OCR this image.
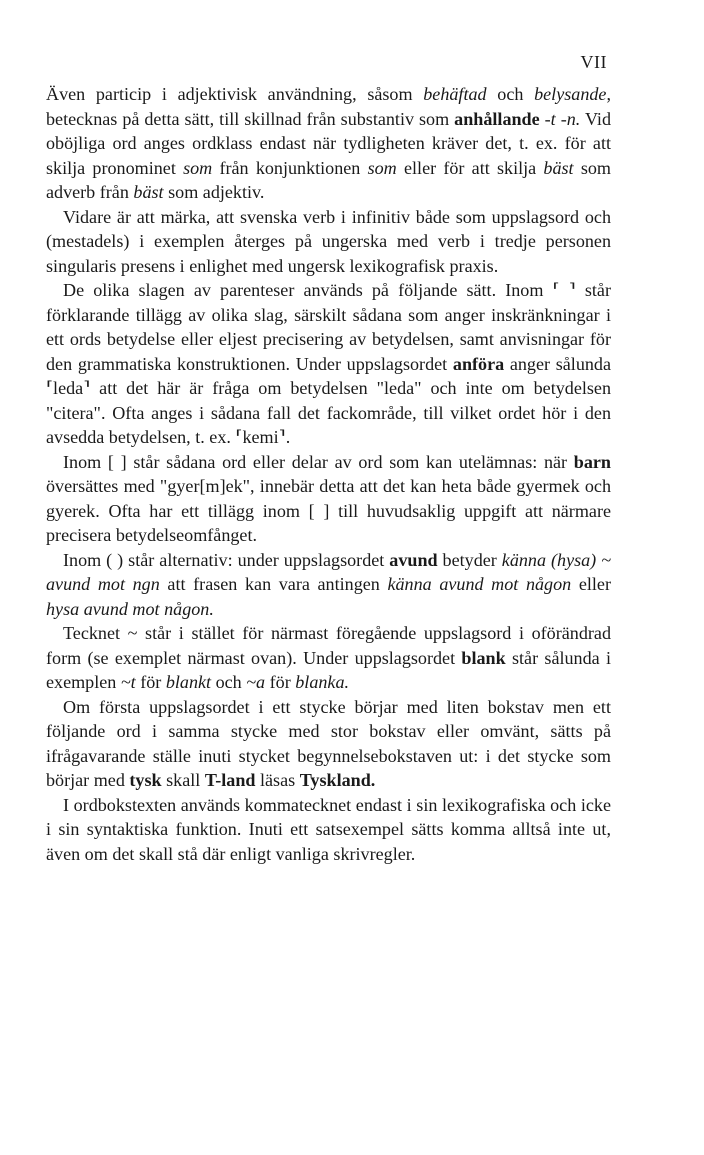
VII

Även particip i adjektivisk användning, såsom behäftad och belysande, betecknas på detta sätt, till skillnad från substantiv som anhållande -t -n. Vid oböjliga ord anges ordklass endast när tydligheten kräver det, t. ex. för att skilja pronominet som från konjunktionen som eller för att skilja bäst som adverb från bäst som adjektiv.

Vidare är att märka, att svenska verb i infinitiv både som uppslagsord och (mestadels) i exemplen återges på ungerska med verb i tredje personen singularis presens i enlighet med ungersk lexikografisk praxis.

De olika slagen av parenteser används på följande sätt. Inom ⸢ ⸣ står förklarande tillägg av olika slag, särskilt sådana som anger inskränkningar i ett ords betydelse eller eljest precisering av betydelsen, samt anvisningar för den grammatiska konstruktionen. Under uppslagsordet anföra anger sålunda ⸢leda⸣ att det här är fråga om betydelsen "leda" och inte om betydelsen "citera". Ofta anges i sådana fall det fackområde, till vilket ordet hör i den avsedda betydelsen, t. ex. ⸢kemi⸣.

Inom [ ] står sådana ord eller delar av ord som kan utelämnas: när barn översättes med "gyer[m]ek", innebär detta att det kan heta både gyermek och gyerek. Ofta har ett tillägg inom [ ] till huvudsaklig uppgift att närmare precisera betydelseomfånget.

Inom ( ) står alternativ: under uppslagsordet avund betyder känna (hysa) ~ avund mot ngn att frasen kan vara antingen känna avund mot någon eller hysa avund mot någon.

Tecknet ~ står i stället för närmast föregående uppslagsord i oförändrad form (se exemplet närmast ovan). Under uppslagsordet blank står sålunda i exemplen ~t för blankt och ~a för blanka.

Om första uppslagsordet i ett stycke börjar med liten bokstav men ett följande ord i samma stycke med stor bokstav eller omvänt, sätts på ifrågavarande ställe inuti stycket begynnelsebokstaven ut: i det stycke som börjar med tysk skall T-land läsas Tyskland.

I ordbokstexten används kommatecknet endast i sin lexikografiska och icke i sin syntaktiska funktion. Inuti ett satsexempel sätts komma alltså inte ut, även om det skall stå där enligt vanliga skrivregler.
